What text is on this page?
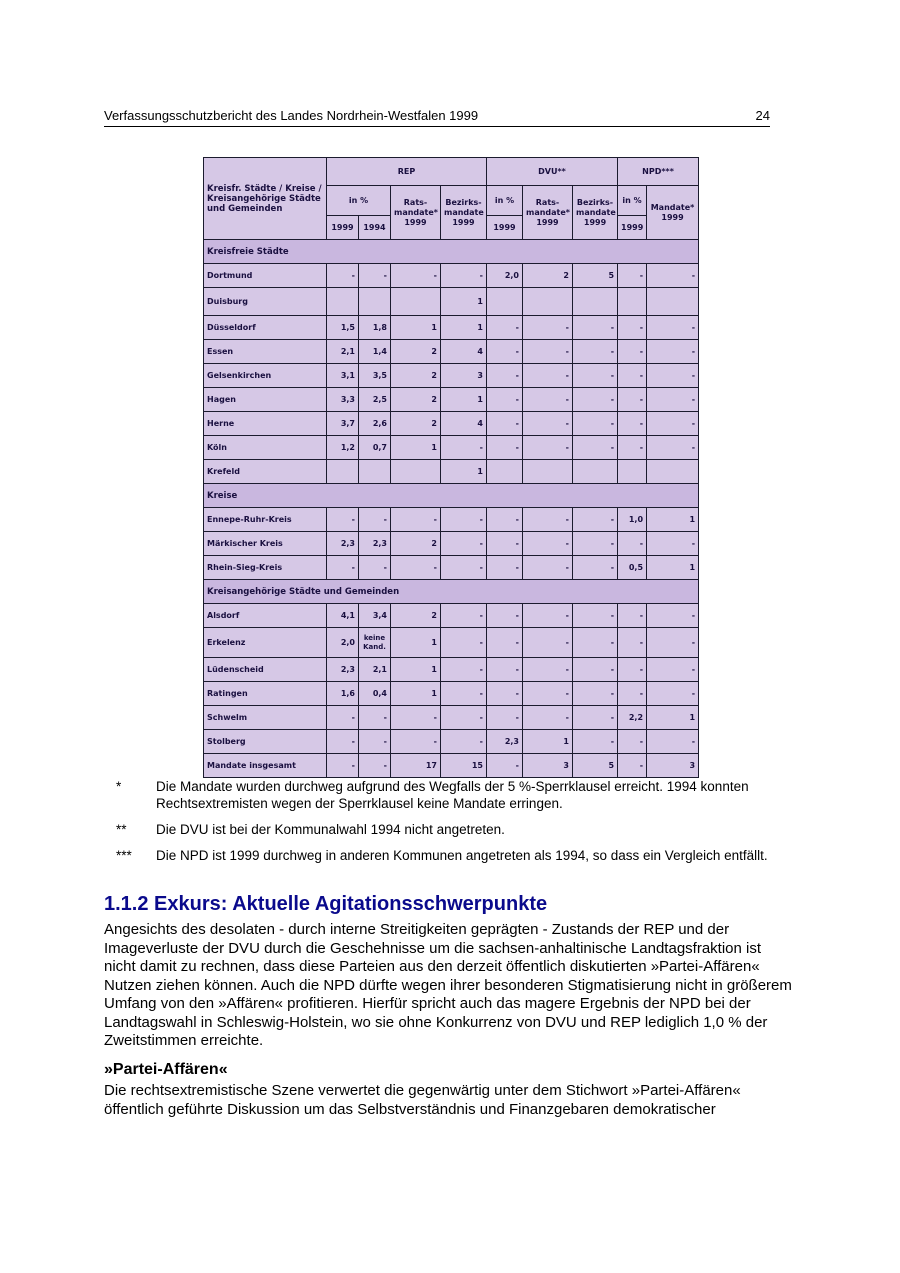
Verfassungsschutzbericht des Landes Nordrhein-Westfalen 1999	24
Kreisfr. Städte / Kreise / Kreisangehörige Städte und Gemeinden	REP				DVU**			NPD***	
	in %		Rats-mandate* 1999	Bezirks-mandate 1999	in %	Rats-mandate* 1999	Bezirks-mandate 1999	in %	Mandate* 1999
	1999	1994			1999			1999	
Kreisfreie Städte									
Dortmund	-	-	-	-	2,0	2	5	-	-
Duisburg				1					
Düsseldorf	1,5	1,8	1	1	-	-	-	-	-
Essen	2,1	1,4	2	4	-	-	-	-	-
Gelsenkirchen	3,1	3,5	2	3	-	-	-	-	-
Hagen	3,3	2,5	2	1	-	-	-	-	-
Herne	3,7	2,6	2	4	-	-	-	-	-
Köln	1,2	0,7	1	-	-	-	-	-	-
Krefeld				1					
Kreise									
Ennepe-Ruhr-Kreis	-	-	-	-	-	-	-	1,0	1
Märkischer Kreis	2,3	2,3	2	-	-	-	-	-	-
Rhein-Sieg-Kreis	-	-	-	-	-	-	-	0,5	1
Kreisangehörige Städte und Gemeinden									
Alsdorf	4,1	3,4	2	-	-	-	-	-	-
Erkelenz	2,0	keine Kand.	1	-	-	-	-	-	-
Lüdenscheid	2,3	2,1	1	-	-	-	-	-	-
Ratingen	1,6	0,4	1	-	-	-	-	-	-
Schwelm	-	-	-	-	-	-	-	2,2	1
Stolberg	-	-	-	-	2,3	1	-	-	-
Mandate insgesamt	-	-	17	15	-	3	5	-	3
*	Die Mandate wurden durchweg aufgrund des Wegfalls der 5 %-Sperrklausel erreicht. 1994 konnten Rechtsextremisten wegen der Sperrklausel keine Mandate erringen.
** Die DVU ist bei der Kommunalwahl 1994 nicht angetreten.
*** Die NPD ist 1999 durchweg in anderen Kommunen angetreten als 1994, so dass ein Vergleich entfällt.
1.1.2 Exkurs: Aktuelle Agitationsschwerpunkte
Angesichts des desolaten - durch interne Streitigkeiten geprägten - Zustands der REP und der Imageverluste der DVU durch die Geschehnisse um die sachsen-anhaltinische Landtagsfraktion ist nicht damit zu rechnen, dass diese Parteien aus den derzeit öffentlich diskutierten »Partei-Affären« Nutzen ziehen können. Auch die NPD dürfte wegen ihrer besonderen Stigmatisierung nicht in größerem Umfang von den »Affären« profitieren. Hierfür spricht auch das magere Ergebnis der NPD bei der Landtagswahl in Schleswig-Holstein, wo sie ohne Konkurrenz von DVU und REP lediglich 1,0 % der Zweitstimmen erreichte.
»Partei-Affären«
Die rechtsextremistische Szene verwertet die gegenwärtig unter dem Stichwort »Partei-Affären« öffentlich geführte Diskussion um das Selbstverständnis und Finanzgebaren demokratischer
